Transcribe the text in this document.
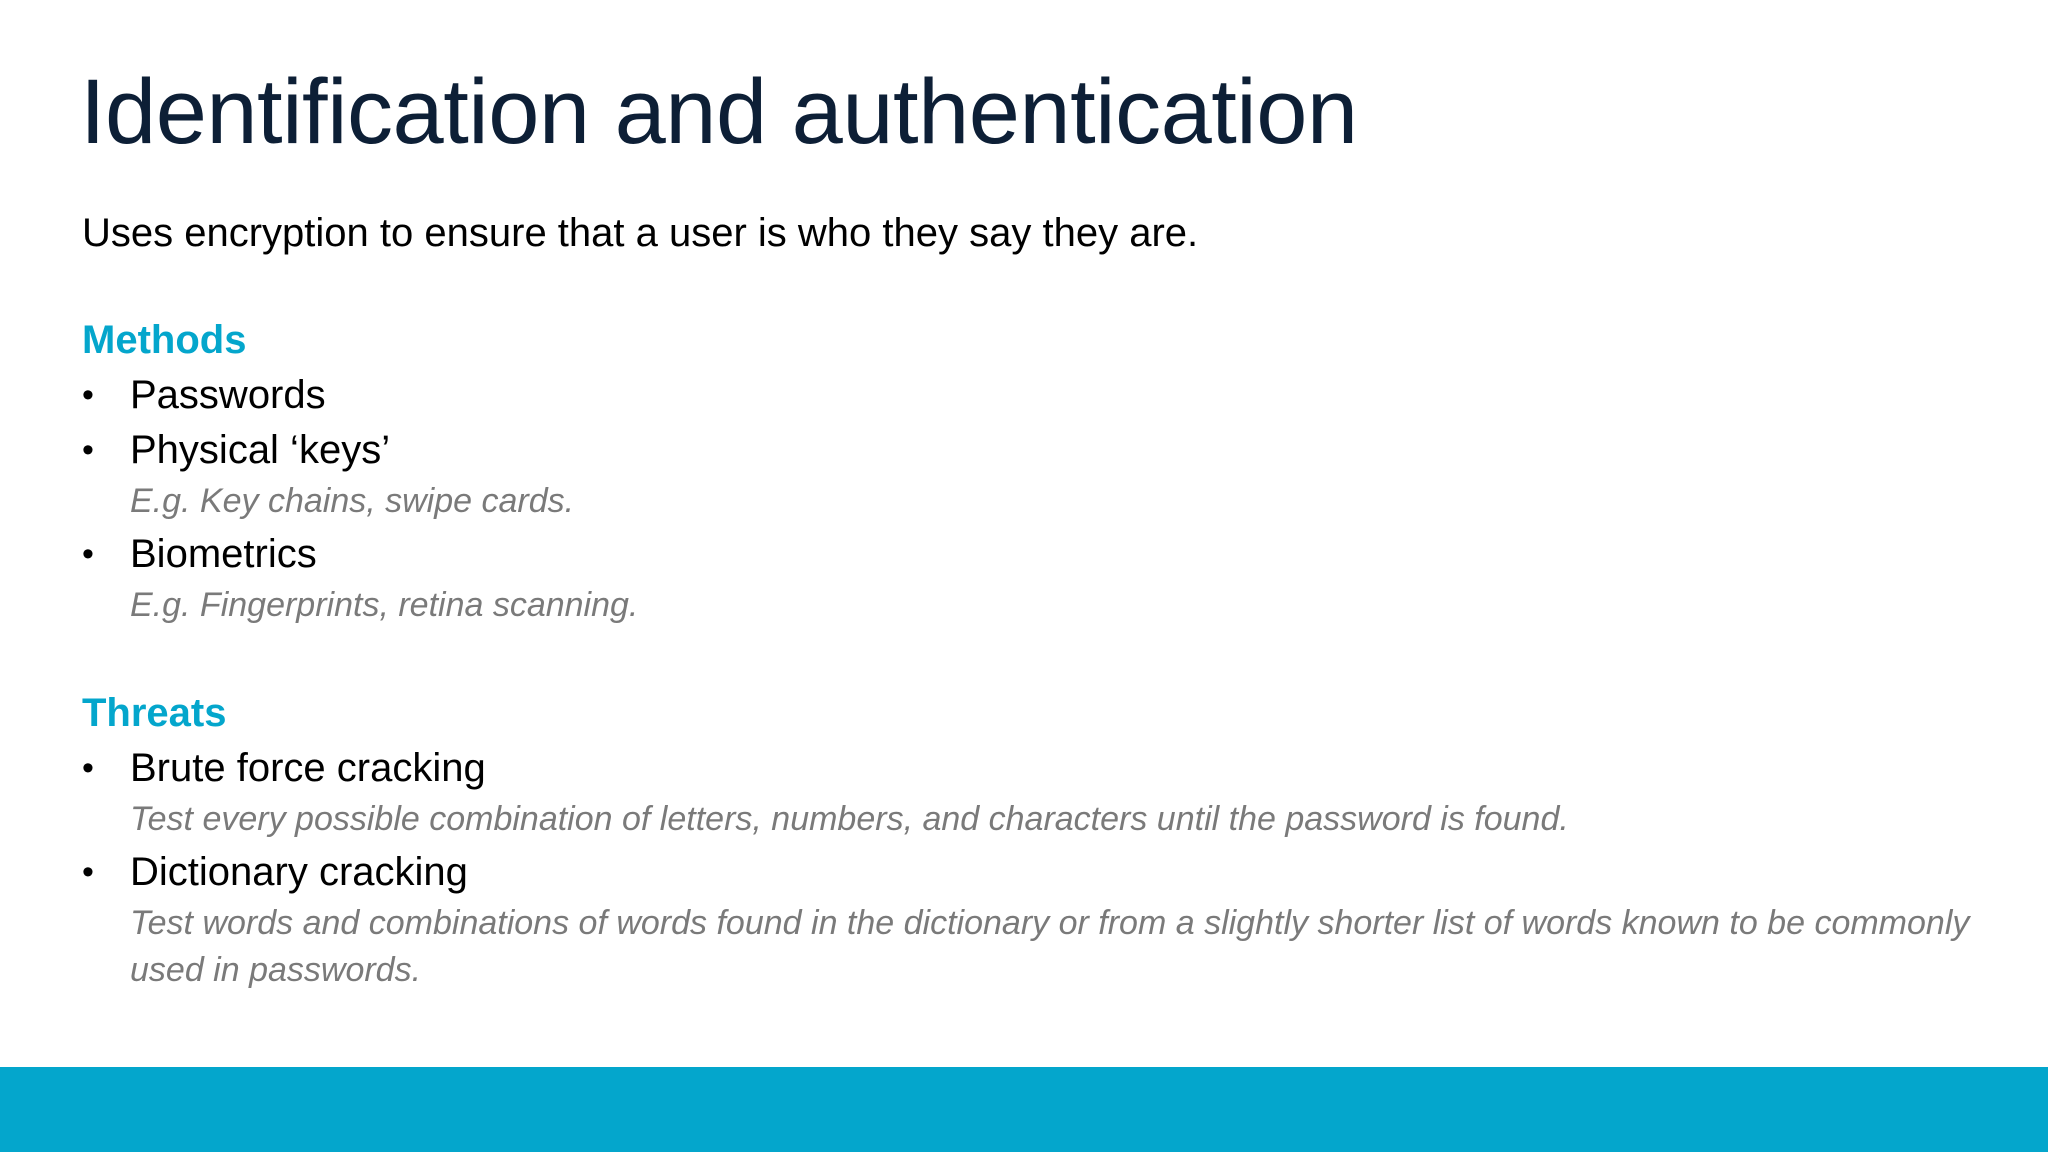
Identification and authentication

Uses encryption to ensure that a user is who they say they are.

Methods
• Passwords
• Physical ‘keys’
E.g. Key chains, swipe cards.
• Biometrics
E.g. Fingerprints, retina scanning.
Threats
• Brute force cracking
Test every possible combination of letters, numbers, and characters until the password is found.
• Dictionary cracking
Test words and combinations of words found in the dictionary or from a slightly shorter list of words known to be commonly used in passwords.
